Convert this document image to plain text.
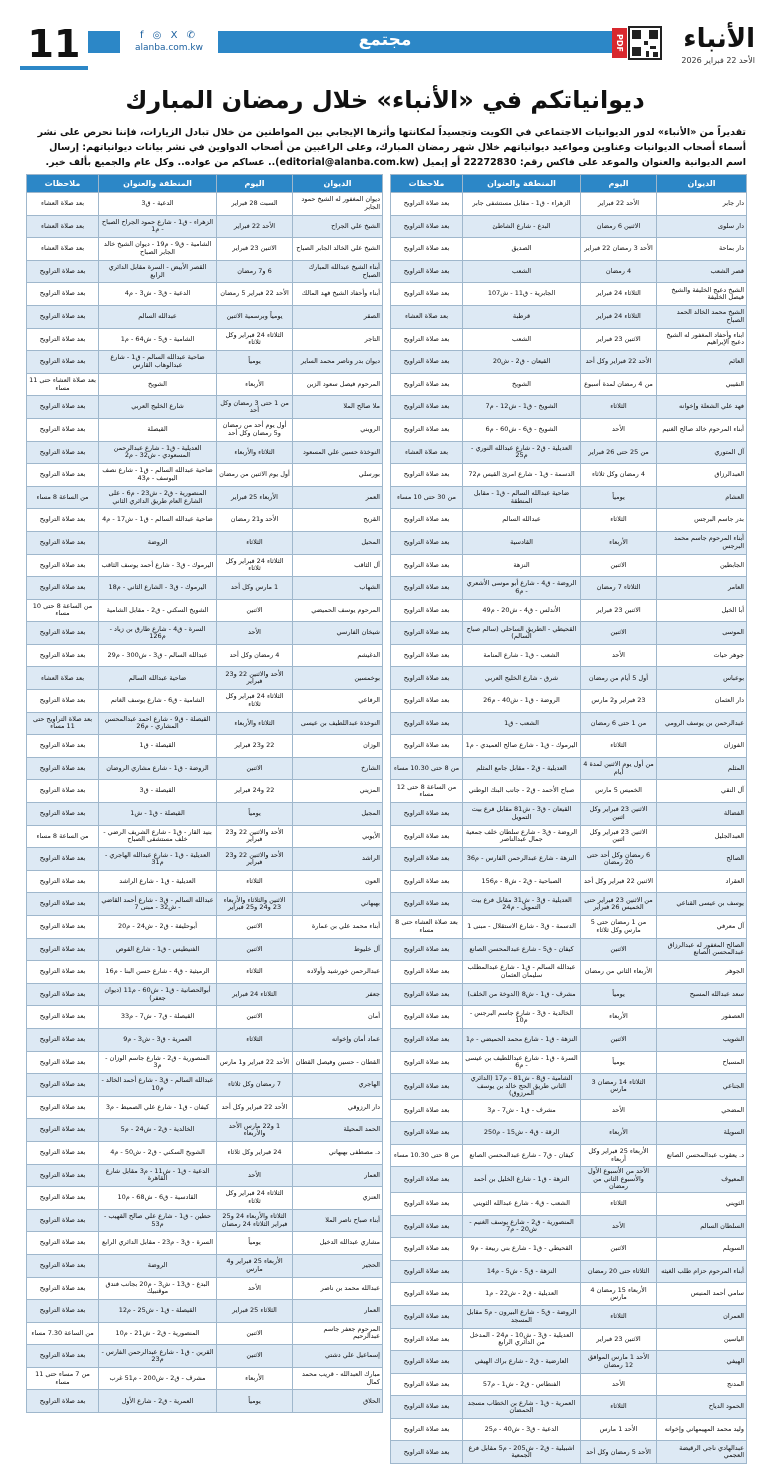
11	f ◎ X ✆
alanba.com.kw	مجتمع	PDF	الأنباء
الأحد 22 فبراير 2026
ديوانياتكم في «الأنباء» خلال رمضان المبارك

تقديراً من «الأنباء» لدور الديوانيات الاجتماعي في الكويت وتجسيداً لمكانتها وأثرها الإيجابي بين المواطنين من خلال تبادل الزيارات، فإننا نحرص على نشر أسماء أصحاب الديوانيات وعناوين ومواعيد ديوانياتهم خلال شهر رمضان المبارك، وعلى الراغبين من أصحاب الدواوين في نشر بيانات ديوانياتهم: إرسال اسم الديوانية والعنوان والموعد على فاكس رقم: 22272830 أو إيميل (editorial@alanba.com.kw).. عساكم من عواده.. وكل عام والجميع بألف خير.

الديوان	اليوم	المنطقة والعنوان	ملاحظات
دار جابر	الأحد 22 فبراير	الزهراء - ق1 - مقابل مستشفى جابر	بعد صلاة التراويح
دار سلوى	الاثنين 6 رمضان	البدع - شارع الشاطئ	بعد صلاة التراويح
دار بماحة	الأحد 3 رمضان 22 فبراير	الصديق	بعد صلاة التراويح
قصر الشعب	4 رمضان	الشعب	بعد صلاة التراويح
الشيخ دعيج الخليفة والشيخ فيصل الخليفة	الثلاثاء 24 فبراير	الجابرية - ق11 - ش107	بعد صلاة التراويح
الشيخ محمد الخالد الحمد الصباح	الثلاثاء 24 فبراير	قرطبة	بعد صلاة العشاء
ابناء وأحفاد المغفور له الشيخ دعيج الإبراهيم	الاثنين 23 فبراير	الشعب	بعد صلاة التراويح
العائم	الأحد 22 فبراير وكل أحد	القيعان - ق2 - ش20	بعد صلاة التراويح
النقيبي	من 4 رمضان لمدة أسبوع	الشويخ	بعد صلاة التراويح
فهد علي الشعلة وإخوانه	الثلاثاء	الشويخ - ق1 - ش12 - م7	بعد صلاة التراويح
أبناء المرحوم خالد صالح الغنيم	الأحد	الشويخ - ق6 - ش60 - م6	بعد صلاة التراويح
آل المتوري	من 25 حتى 26 فبراير	العديلية - ق2 - شارع عبدالله النوري - م25	بعد صلاة العشاء
العبدالرزاق	4 رمضان وكل ثلاثاء	الدسمة - ق1 - شارع امرئ القيس م72	بعد صلاة التراويح
العشام	يومياً	ضاحية عبدالله السالم - ق1 - مقابل المنطقة	من 30 حتى 10 مساء
بدر جاسم البرجس	الثلاثاء	عبدالله السالم	بعد صلاة التراويح
أبناء المرحوم جاسم محمد البرجس	الأربعاء	القادسية	بعد صلاة التراويح
الجابطين	الاثنين	النزهة	بعد صلاة التراويح
العامر	الثلاثاء 7 رمضان	الروضة - ق4 - شارع أبو موسى الأشعري - م6	بعد صلاة التراويح
أبا الخيل	الاثنين 23 فبراير	الأندلس - ق4 - ش20 - م49	بعد صلاة التراويح
الموسى	الاثنين	القحيطي - الطريق الساحلي (سالم صباح السالم)	بعد صلاة التراويح
جوهر حيات	الأحد	الشعب - ق1 - شارع المنامة	بعد صلاة التراويح
بوعباس	أول 5 أيام من رمضان	شرق - شارع الخليج العربي	بعد صلاة التراويح
دار العثمان	23 فبراير و2 مارس	الروضة - ق1 - ش40 - م26	بعد صلاة التراويح
عبدالرحمن بن يوسف الرومي	من 1 حتى 6 رمضان	الشعب - ق1	بعد صلاة التراويح
الفوزان	الثلاثاء	اليرموك - ق1 - شارع صالح العميدي - م1	بعد صلاة التراويح
المثلم	من أول يوم الاثنين لمدة 4 أيام	العديلية - ق2 - مقابل جامع المثلم	من 8 حتى 10.30 مساء
آل النقي	الخميس 5 مارس	صباح الأحمد - ق2 - جانب البنك الوطني	من الساعة 8 حتى 12 مساء
الفضالة	الاثنين 23 فبراير وكل اثنين	القيعان - ق3 - ش81 مقابل فرع بيت التمويل	بعد صلاة التراويح
العبدالجليل	الاثنين 23 فبراير وكل اثنين	الروضة - ق3 - شارع سلطان خلف جمعية جمال عبدالناصر	بعد صلاة التراويح
الصالح	6 رمضان وكل أحد حتى 20 رمضان	النزهة - شارع عبدالرحمن الفارس - م36	بعد صلاة التراويح
العقراد	الاثنين 22 فبراير وكل أحد	الصباحية - ق2 - ش8 - م156	بعد صلاة التراويح
يوسف بن عيسى القناعي	من الاثنين 23 فبراير حتى الخميس 26 فبراير	العديلية - ق3 - ش31 مقابل فرع بيت التمويل - م24	بعد صلاة التراويح
آل معرفي	من 1 رمضان حتى 5 مارس وكل ثلاثاء	الدسمة - ق3 - شارع الاستقلال - مبنى 1	بعد صلاة العشاء حتى 8 مساء
الصالح المغفور له عبدالرزاق عبدالمحسن الصانع	الاثنين	كيفان - ق5 - شارع عبدالمحسن الصانع	بعد صلاة التراويح
الجوهر	الأربعاء الثاني من رمضان	عبدالله السالم - ق1 - شارع عبدالمطلب سليمان العثمان	بعد صلاة التراويح
سعد عبدالله المسبح	يومياً	مشرف - ق1 - ش8 (الدوخة من الخلف)	بعد صلاة التراويح
العصفور	الأربعاء	الخالدية - ق3 - شارع جاسم البرجس - م10	بعد صلاة التراويح
الشويب	الاثنين	النزهة - ق1 - شارع محمد الحميضي - م1	بعد صلاة التراويح
المسباح	يومياً	السرة - ق1 - شارع عبداللطيف بن عيسى - م6	بعد صلاة التراويح
الجناعي	الثلاثاء 14 رمضان 3 مارس	الشامية - ق8 - ش81 - م17 (الدائري الثاني طريق الحج خالد بن يوسف المرزوق)	بعد صلاة التراويح
المضحي	الأحد	مشرف - ق1 - ش7 - م3	بعد صلاة التراويح
السويلة	الأربعاء	الرقة - ق4 - ش15 - م250	بعد صلاة التراويح
د. يعقوب عبدالمحسن الصانع	الأربعاء 25 فبراير وكل أربعاء	كيفان - ق7 - شارع عبدالمحسن الصانع	من 8 حتى 10.30 مساء
المعيوف	الأحد من الأسبوع الأول والأسبوع الثاني من رمضان	النزهة - ق1 - شارع الخليل بن أحمد	بعد صلاة التراويح
الثويني	الثلاثاء	الشعب - ق4 - شارع عبدالله الثويني	بعد صلاة التراويح
السلطان السالم	الأحد	المنصورية - ق2 - شارع يوسف الغنيم - ش20 - م7	بعد صلاة التراويح
السويلم	الاثنين	القحيطي - ق1 - شارع بني ربيعة - م9	بعد صلاة التراويح
أبناء المرحوم حزام طلب الغيثه	الثلاثاء حتى 20 رمضان	النزهة - ق5 - ش5 - م14	بعد صلاة التراويح
سامي أحمد المنيس	الأربعاء 15 رمضان 4 مارس	العديلية - ق2 - ش22 - م1	بعد صلاة التراويح
العمران	الثلاثاء	الروضة - ق5 - شارع البيرون - م5 مقابل المسجد	بعد صلاة التراويح
الياسين	الاثنين 23 فبراير	العديلية - ق3 - ش10 - م24 - المدخل من الدائري الرابع	بعد صلاة التراويح
الهيفي	الأحد 1 مارس الموافق 12 رمضان	العارضية - ق2 - شارع براك الهيفي	بعد صلاة التراويح
المدنج	الأحد	الفنطاس - ق2 - ش1 - م57	بعد صلاة التراويح
الحمود الدياح	الثلاثاء	العمرية - ق1 - شارع بن الخطاب مسجد الحمضان	بعد صلاة التراويح
وليد محمد المهيمهاني وإخوانه	الأحد 1 مارس	الدعية - ق3 - ش40 - م25	بعد صلاة التراويح
عبدالهادي ناجي الرقيضة العجمي	الأحد 5 رمضان وكل أحد	اشبيلية - ق2 - ش205 - م5 مقابل فرع الجمعية	بعد صلاة التراويح
الديوان	اليوم	المنطقة والعنوان	ملاحظات
ديوان المغفور له الشيخ حمود الجابر	السبت 28 فبراير	الدعية - ق3	بعد صلاة العشاء
الشيخ علي الجراح	الأحد 22 فبراير	الزهراء - ق1 - شارع حمود الجراح الصباح - م1	بعد صلاة العشاء
الشيخ علي الخالد الجابر الصباح	الاثنين 23 فبراير	الشامية - ق9 - م19 - ديوان الشيخ خالد الجابر الصباح	بعد صلاة العشاء
أبناء الشيخ عبدالله المبارك الصباح	6 و7 رمضان	القصر الأبيض - السرة مقابل الدائري الرابع	بعد صلاة التراويح
أبناء وأحفاد الشيخ فهد المالك	الأحد 22 فبراير 5 رمضان	الدعية - ق3 - ش3 - م4	بعد صلاة التراويح
الصقر	يومياً وبرسمية الاثنين	عبدالله السالم	بعد صلاة التراويح
التاجر	الثلاثاء 24 فبراير وكل ثلاثاء	الشامية - ق5 - ش64 - م1	بعد صلاة التراويح
ديوان بدر وناصر محمد الساير	يومياً	ضاحية عبدالله السالم - ق1 - شارع عبدالوهاب القارس	بعد صلاة التراويح
المرحوم فيصل سعود الزبن	الأربعاء	الشويخ	بعد صلاة العشاء حتى 11 مساء
ملا صالح الملا	من 1 حتى 3 رمضان وكل أحد	شارع الخليج العربي	بعد صلاة التراويح
الرويني	أول يوم أحد من رمضان و5 رمضان وكل أحد	القيصلة	بعد صلاة التراويح
النوخذة حسين علي المسعود	الثلاثاء والأربعاء	العديلية - ق1 - شارع عبدالرحمن المسعودي - ش32 - م2	بعد صلاة التراويح
بورسلي	أول يوم الاثنين من رمضان	ضاحية عبدالله السالم - ق1 - شارع نصف اليوسف - م43	بعد صلاة التراويح
العمر	الأربعاء 25 فبراير	المنصورية - ق2 - ش23 - م6 - على الشارع العام طريق الدائري الثاني	من الساعة 8 مساء
القريح	الأحد و21 رمضان	ضاحية عبدالله السالم - ق1 - ش17 - م4	بعد صلاة التراويح
المحيل	الثلاثاء	الروضة	بعد صلاة التراويح
آل الثاقب	الثلاثاء 24 فبراير وكل ثلاثاء	اليرموك - ق3 - شارع أحمد يوسف الثاقب	بعد صلاة التراويح
الشهاب	1 مارس وكل أحد	اليرموك - ق3 - الشارع الثاني - م18	بعد صلاة التراويح
المرحوم يوسف الحميضي	الاثنين	الشويخ السكني - ق2 - مقابل الشامية	من الساعة 8 حتى 10 مساء
شيخان الفارسي	الأحد	السرة - ق4 - شارع طارق بن زياد - م126	بعد صلاة التراويح
الدغيشم	4 رمضان وكل أحد	عبدالله السالم - ق3 - ش300 - م29	بعد صلاة التراويح
بوخمسين	الأحد والاثنين 22 و23 فبراير	ضاحية عبدالله السالم	بعد صلاة العشاء
الرفاعي	الثلاثاء 24 فبراير وكل ثلاثاء	الشامية - ق6 - شارع يوسف الغانم	بعد صلاة التراويح
النوخذة عبداللطيف بن عيسى	الثلاثاء والأربعاء	القيصلة - ق9 - شارع احمد عبدالمحسن المشاري - م26	بعد صلاة التراويح حتى 11 مساء
الوزان	22 و23 فبراير	القيصلة - ق1	بعد صلاة التراويح
الشارخ	الاثنين	الروضة - ق1 - شارع مشاري الروضان	بعد صلاة التراويح
المزيني	22 و24 فبراير	القيصلة - ق3	بعد صلاة التراويح
المجيل	يومياً	القيصلة - ق1 - ش1	بعد صلاة التراويح
الأيوبي	الأحد والاثنين 22 و23 فبراير	بنيد القار - ق1 - شارع الشريف الرضي - خلف مستشفى الصباح	من الساعة 8 مساء
الراشد	الأحد والاثنين 22 و23 فبراير	العديلية - ق1 - شارع عبدالله الهاجري - م31	بعد صلاة التراويح
العون	الثلاثاء	العديلية - ق1 - شارع الراشد	بعد صلاة التراويح
بهبهاني	الاثنين والثلاثاء والأربعاء 23 و24 و25 فبراير	عبدالله السالم - ق3 - شارع أحمد القاضي - ش32 - مبنى 7	بعد صلاة التراويح
أبناء محمد علي بن عمارة	الاثنين	أبوحليفة - ق2 - ش24 - م20	بعد صلاة التراويح
آل خليوط	الاثنين	الفنيطيس - ق1 - شارع القوص	بعد صلاة التراويح
عبدالرحمن خورشيد وأولاده	الثلاثاء	الرميثية - ق4 - شارع حسن البنا - م16	بعد صلاة التراويح
جعفر	الثلاثاء 24 فبراير	أبوالحصانية - ق1 - ش60 - م11 (ديوان جعفر)	بعد صلاة التراويح
أمان	الاثنين	القيصلة - ق7 - ش7 - م33	بعد صلاة التراويح
عماد أمان وإخوانه	الثلاثاء	العمرية - ق3 - ش3 - م9	بعد صلاة التراويح
القطان - حسين وفيصل القطان	الأحد 22 فبراير و1 مارس	المنصورية - ق2 - شارع جاسم الوزان - م3	بعد صلاة التراويح
الهاجري	7 رمضان وكل ثلاثاء	عبدالله السالم - ق3 - شارع أحمد الخالد - م10	بعد صلاة التراويح
دار الرزوقي	الأحد 22 فبراير وكل أحد	كيفان - ق1 - شارع علي الصميط - م3	بعد صلاة التراويح
الحمد المحيلة	1 و22 مارس الأحد والأربعاء	الخالدية - ق2 - ش24 - م5	بعد صلاة التراويح
د. مصطفى بهبهاني	24 فبراير وكل ثلاثاء	الشويخ السكني - ق2 - ش50 - م4	بعد صلاة التراويح
العمار	الأحد	الدعية - ق1 - ش11 - م3 مقابل شارع القاهرة	بعد صلاة التراويح
العنزي	الثلاثاء 24 فبراير وكل ثلاثاء	القادسية - ق6 - ش68 - م10	بعد صلاة التراويح
أبناء صباح ناصر الملا	الثلاثاء والأربعاء 24 و25 فبراير الثلاثاء 24 رمضان	حطين - ق1 - شارع علي صالح القهيب - م53	بعد صلاة التراويح
مشاري عبدالله الدخيل	يومياً	السرة - ق3 - م23 - مقابل الدائري الرابع	بعد صلاة التراويح
الحجير	الأربعاء 25 فبراير و4 مارس	الروضة	بعد صلاة التراويح
عبدالله محمد بن ناصر	الأحد	البدع - ق13 - ش3 - م20 بجانب فندق موڤنبيك	بعد صلاة التراويح
العمار	الثلاثاء 25 فبراير	القيصلة - ق1 - ش25 - م12	بعد صلاة التراويح
المرحوم جعفر جاسم عبدالرحيم	الاثنين	المنصورية - ق2 - ش21 - م10	من الساعة 7.30 مساء
إسماعيل علي دشتي	الاثنين	القرين - ق1 - شارع عبدالرحمن الفارس - م23	بعد صلاة التراويح
مبارك العبدالله - قريب محمد كمال	الأربعاء	مشرف - ق2 - ش200 - م51 غرب	من 7 مساء حتى 11 مساء
الحلاق	يومياً	العمرية - ق2 - شارع الأول	بعد صلاة التراويح
